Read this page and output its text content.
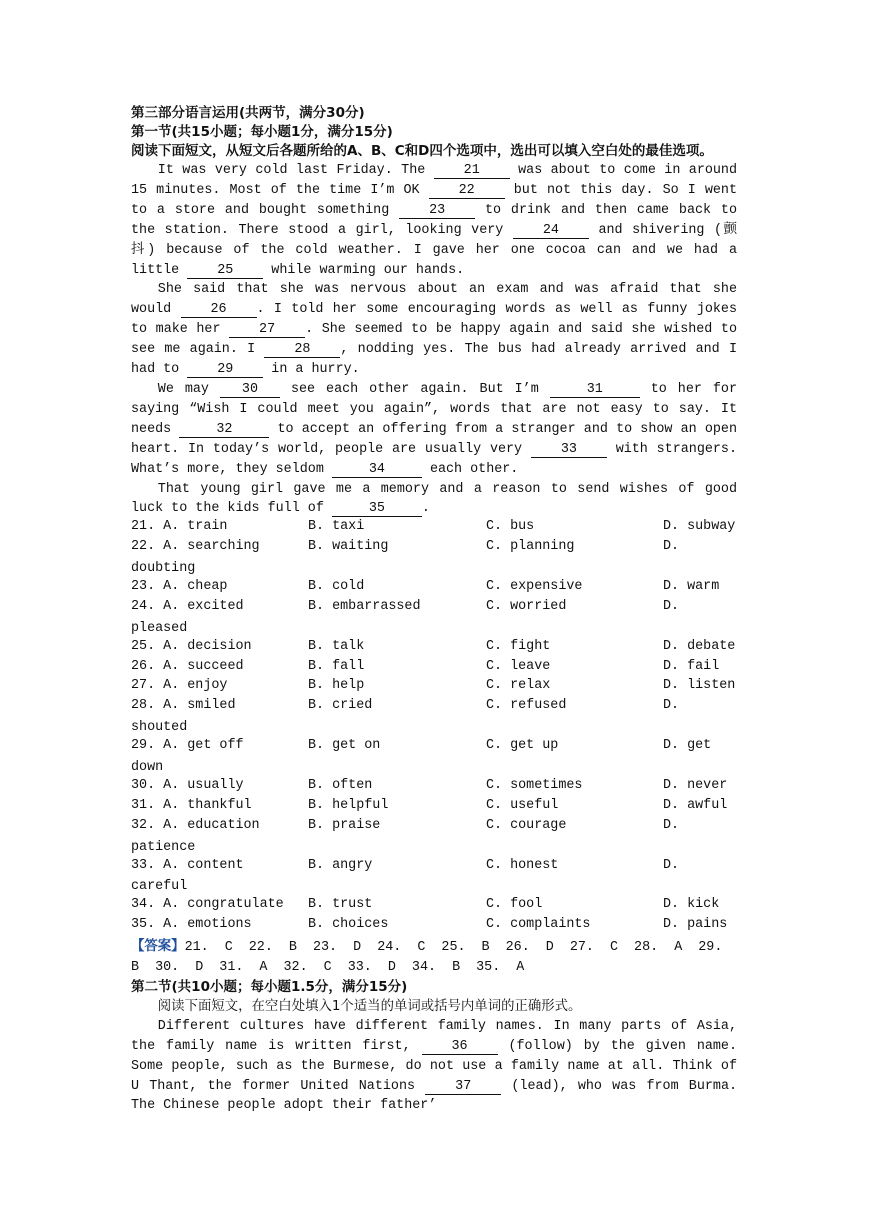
第三部分语言运用(共两节，满分30分)

第一节(共15小题；每小题1分，满分15分)

阅读下面短文，从短文后各题所给的A、B、C和D四个选项中，选出可以填入空白处的最佳选项。

It was very cold last Friday. The 21 was about to come in around 15 minutes. Most of the time I’m OK 22 but not this day. So I went to a store and bought something 23 to drink and then came back to the station. There stood a girl, looking very 24 and shivering (颤抖) because of the cold weather. I gave her one cocoa can and we had a little 25 while warming our hands.

She said that she was nervous about an exam and was afraid that she would 26 . I told her some encouraging words as well as funny jokes to make her 27 . She seemed to be happy again and said she wished to see me again. I 28 , nodding yes. The bus had already arrived and I had to 29 in a hurry.

We may 30 see each other again. But I’m	31	to her for saying “Wish I could meet you again”, words that are not easy to say. It needs	32	to accept an offering from a stranger and to show an open heart. In today’s world, people are usually very 33 with strangers. What’s more, they seldom	34	each other.

That young girl gave me a memory and a reason to send wishes of good luck to the kids full of	35	.

21. A. train	B. taxi	C. bus	D. subway
22. A. searching	B. waiting	C. planning	D.
doubting			
23. A. cheap	B. cold	C. expensive	D. warm
24. A. excited	B. embarrassed	C. worried	D.
pleased			
25. A. decision	B. talk	C. fight	D. debate
26. A. succeed	B. fall	C. leave	D. fail
27. A. enjoy	B. help	C. relax	D. listen
28. A. smiled	B. cried	C. refused	D.
shouted			
29. A. get off	B. get on	C. get up	D. get
down			
30. A. usually	B. often	C. sometimes	D. never
31. A. thankful	B. helpful	C. useful	D. awful
32. A. education	B. praise	C. courage	D.
patience			
33. A. content	B. angry	C. honest	D.
careful			
34. A. congratulate	B. trust	C. fool	D. kick
35. A. emotions	B. choices	C. complaints	D. pains

【答案】21. C 22. B 23. D 24. C 25. B 26. D 27. C 28. A 29.

B 30. D 31. A 32. C 33. D 34. B 35. A

第二节(共10小题；每小题1.5分，满分15分)

阅读下面短文，在空白处填入1个适当的单词或括号内单词的正确形式。

Different cultures have different family names. In many parts of Asia, the family name is written first, 36 (follow) by the given name. Some people, such as the Burmese, do not use a family name at all. Think of U Thant, the former United Nations 37 (lead), who was from Burma. The Chinese people adopt their father’
